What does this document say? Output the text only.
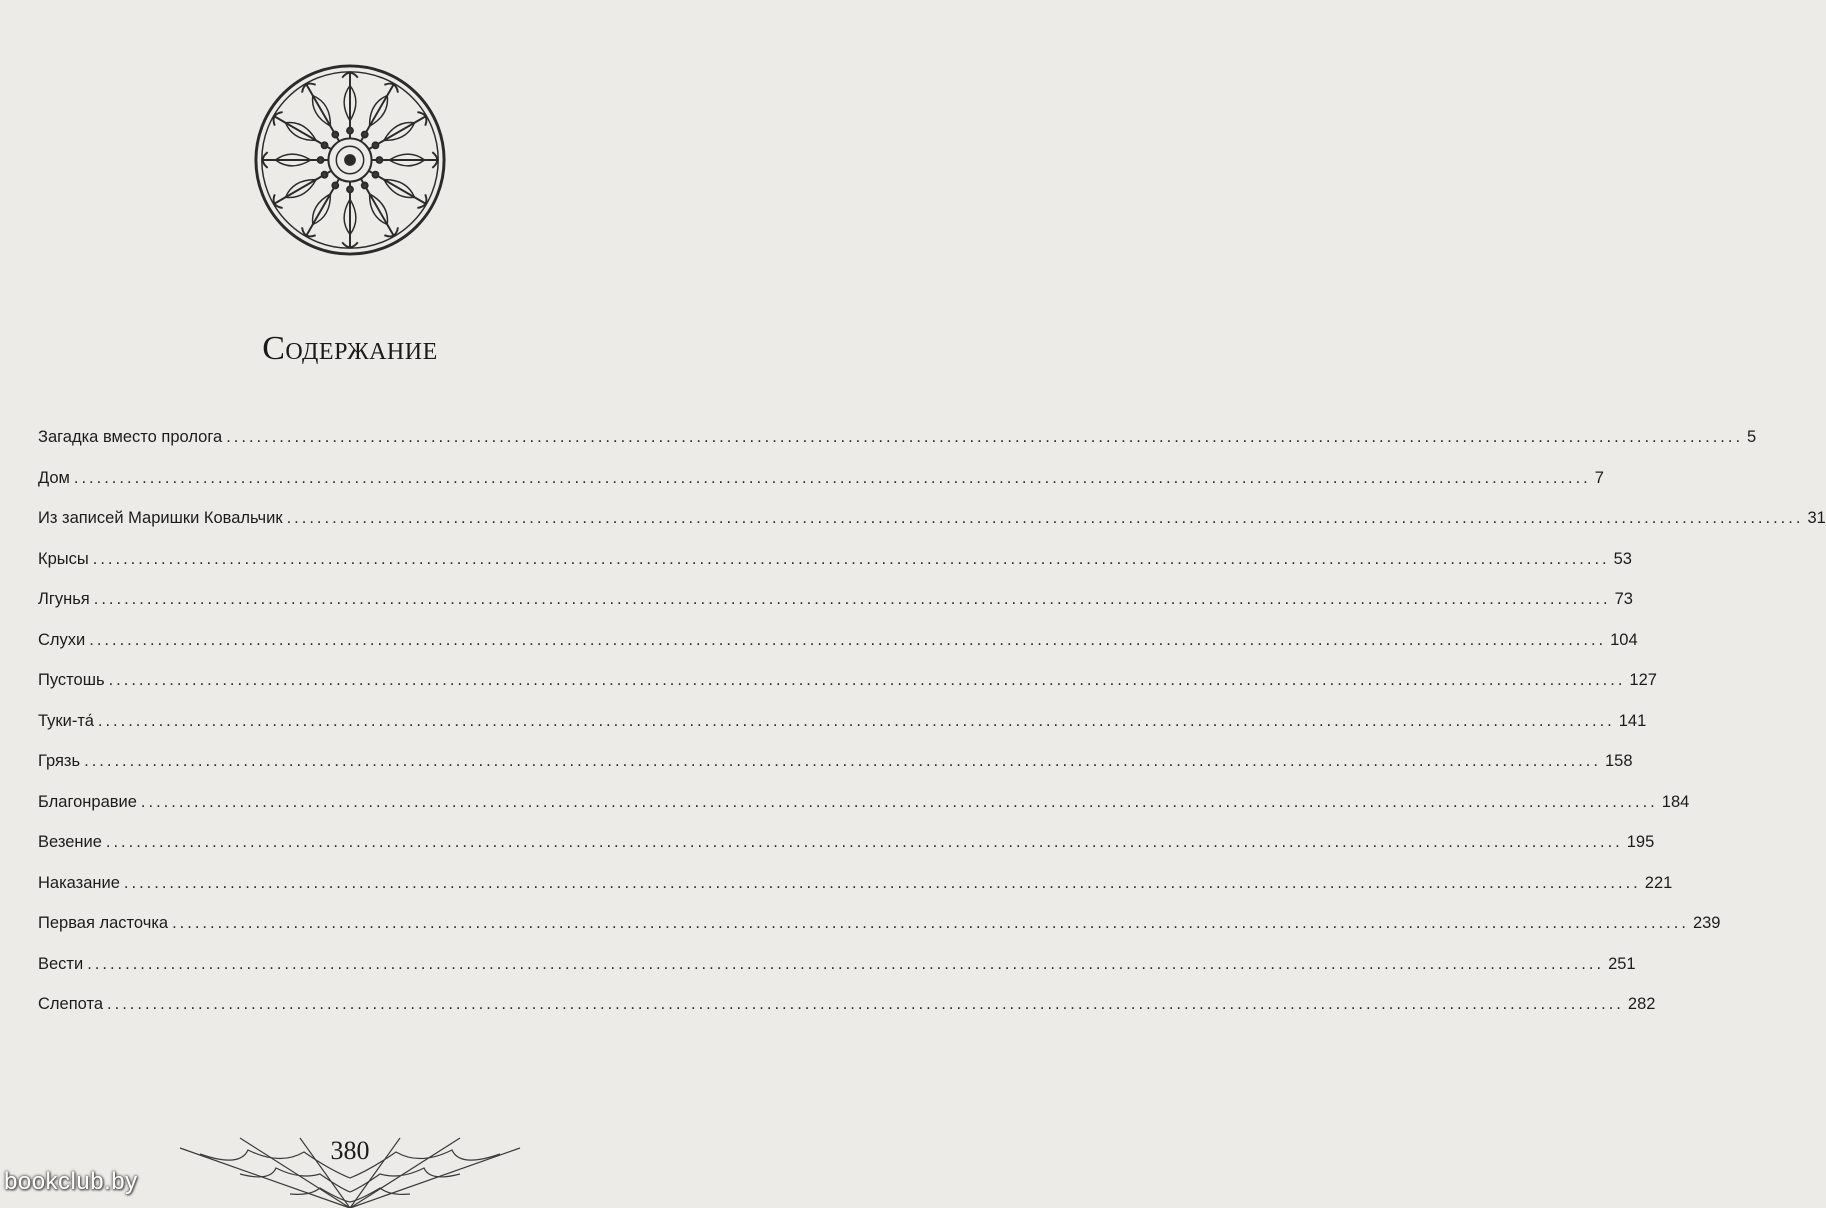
Содержание
Загадка вместо пролога ........................................................................................................................................................................................................ 5
Дом ........................................................................................................................................................................................................ 7
Из записей Маришки Ковальчик ........................................................................................................................................................................................................ 31
Крысы ........................................................................................................................................................................................................ 53
Лгунья ........................................................................................................................................................................................................ 73
Слухи ........................................................................................................................................................................................................ 104
Пустошь ........................................................................................................................................................................................................ 127
Туки-та́ ........................................................................................................................................................................................................ 141
Грязь ........................................................................................................................................................................................................ 158
Благонравие ........................................................................................................................................................................................................ 184
Везение ........................................................................................................................................................................................................ 195
Наказание ........................................................................................................................................................................................................ 221
Первая ласточка ........................................................................................................................................................................................................ 239
Вести ........................................................................................................................................................................................................ 251
Слепота ........................................................................................................................................................................................................ 282
380
bookclub.by
